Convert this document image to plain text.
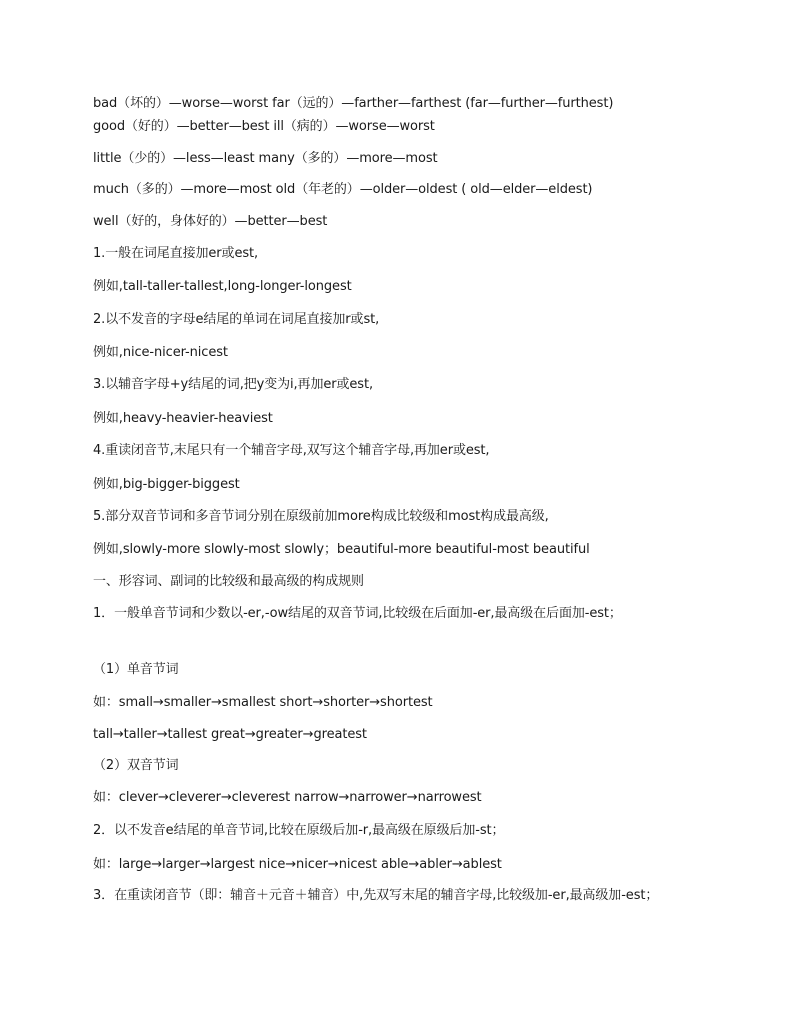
bad（坏的）—worse—worst far（远的）—farther—farthest (far—further—furthest)
good（好的）—better—best ill（病的）—worse—worst
little（少的）—less—least many（多的）—more—most
much（多的）—more—most old（年老的）—older—oldest ( old—elder—eldest)
well（好的，身体好的）—better—best
1.一般在词尾直接加er或est,
例如,tall-taller-tallest,long-longer-longest
2.以不发音的字母e结尾的单词在词尾直接加r或st,
例如,nice-nicer-nicest
3.以辅音字母+y结尾的词,把y变为i,再加er或est,
例如,heavy-heavier-heaviest
4.重读闭音节,末尾只有一个辅音字母,双写这个辅音字母,再加er或est,
例如,big-bigger-biggest
5.部分双音节词和多音节词分别在原级前加more构成比较级和most构成最高级,
例如,slowly-more slowly-most slowly；beautiful-more beautiful-most beautiful
一、形容词、副词的比较级和最高级的构成规则
1．一般单音节词和少数以-er,-ow结尾的双音节词,比较级在后面加-er,最高级在后面加-est；
（1）单音节词
如：small→smaller→smallest short→shorter→shortest
tall→taller→tallest great→greater→greatest
（2）双音节词
如：clever→cleverer→cleverest narrow→narrower→narrowest
2．以不发音e结尾的单音节词,比较在原级后加-r,最高级在原级后加-st；
如：large→larger→largest nice→nicer→nicest able→abler→ablest
3．在重读闭音节（即：辅音＋元音＋辅音）中,先双写末尾的辅音字母,比较级加-er,最高级加-est；
